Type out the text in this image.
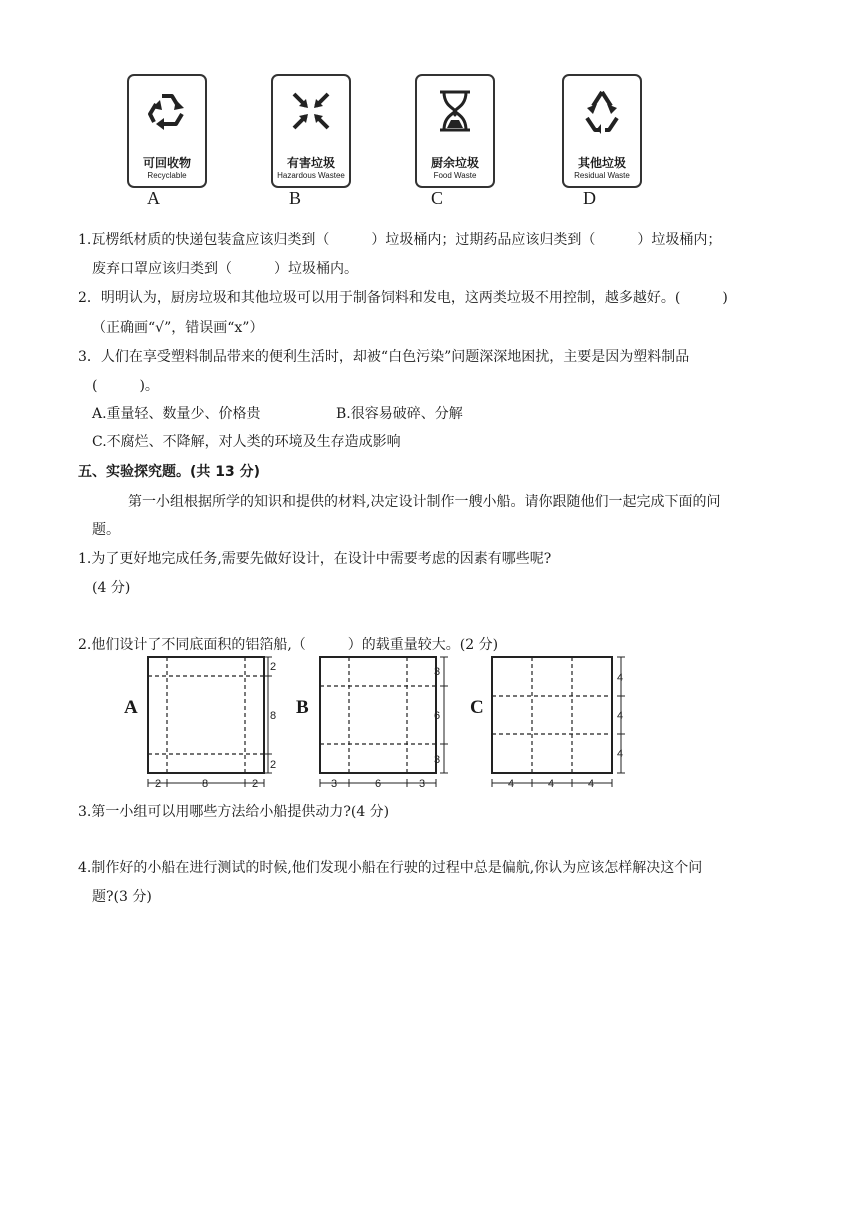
可回收物
Recyclable
有害垃圾
Hazardous Wastee
厨余垃圾
Food Waste
其他垃圾
Residual Waste
A	B	C	D
1.瓦楞纸材质的快递包装盒应该归类到（　　　）垃圾桶内；过期药品应该归类到（　　　）垃圾桶内；
废弃口罩应该归类到（　　　）垃圾桶内。
2．明明认为，厨房垃圾和其他垃圾可以用于制备饲料和发电，这两类垃圾不用控制，越多越好。(　　　)
（正确画“√”，错误画“x”）
3．人们在享受塑料制品带来的便利生活时，却被“白色污染”问题深深地困扰，主要是因为塑料制品
(　　　)。
A.重量轻、数量少、价格贵	B.很容易破碎、分解
C.不腐烂、不降解，对人类的环境及生存造成影响
五、实验探究题。(共 13 分)
第一小组根据所学的知识和提供的材料,决定设计制作一艘小船。请你跟随他们一起完成下面的问
题。
1.为了更好地完成任务,需要先做好设计，在设计中需要考虑的因素有哪些呢?
(4 分)
2.他们设计了不同底面积的铝箔船,（　　　）的载重量较大。(2 分)
A	B	C
2
8
2
2	8	2
3
6
3
3	6	3
4
4
4
4	4	4
3.第一小组可以用哪些方法给小船提供动力?(4 分)
4.制作好的小船在进行测试的时候,他们发现小船在行驶的过程中总是偏航,你认为应该怎样解决这个问
题?(3 分)
